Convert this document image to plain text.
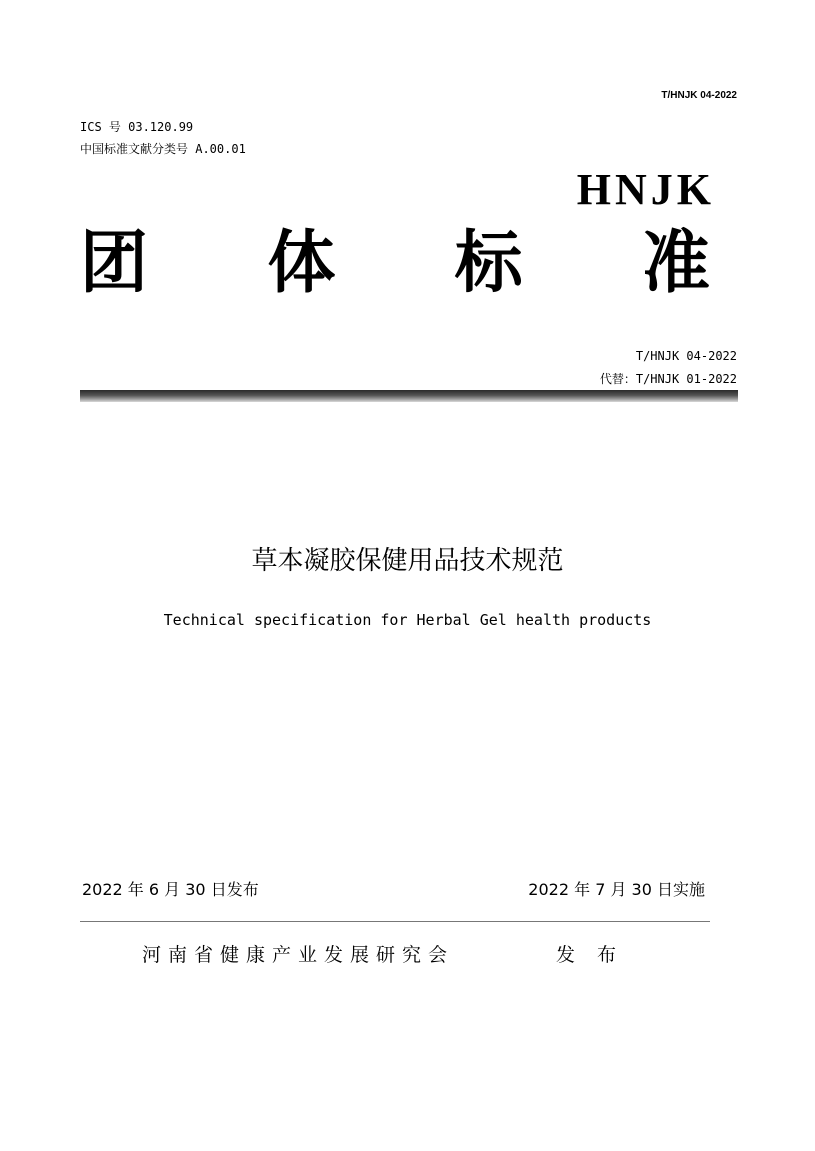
T/HNJK 04-2022
ICS 号 03.120.99
中国标准文献分类号 A.00.01
HNJK
团 体 标 准
T/HNJK 04-2022
代替：T/HNJK 01-2022
草本凝胶保健用品技术规范
Technical specification for Herbal Gel health products
2022 年 6 月 30 日发布	2022 年 7 月 30 日实施
河南省健康产业发展研究会	发布
